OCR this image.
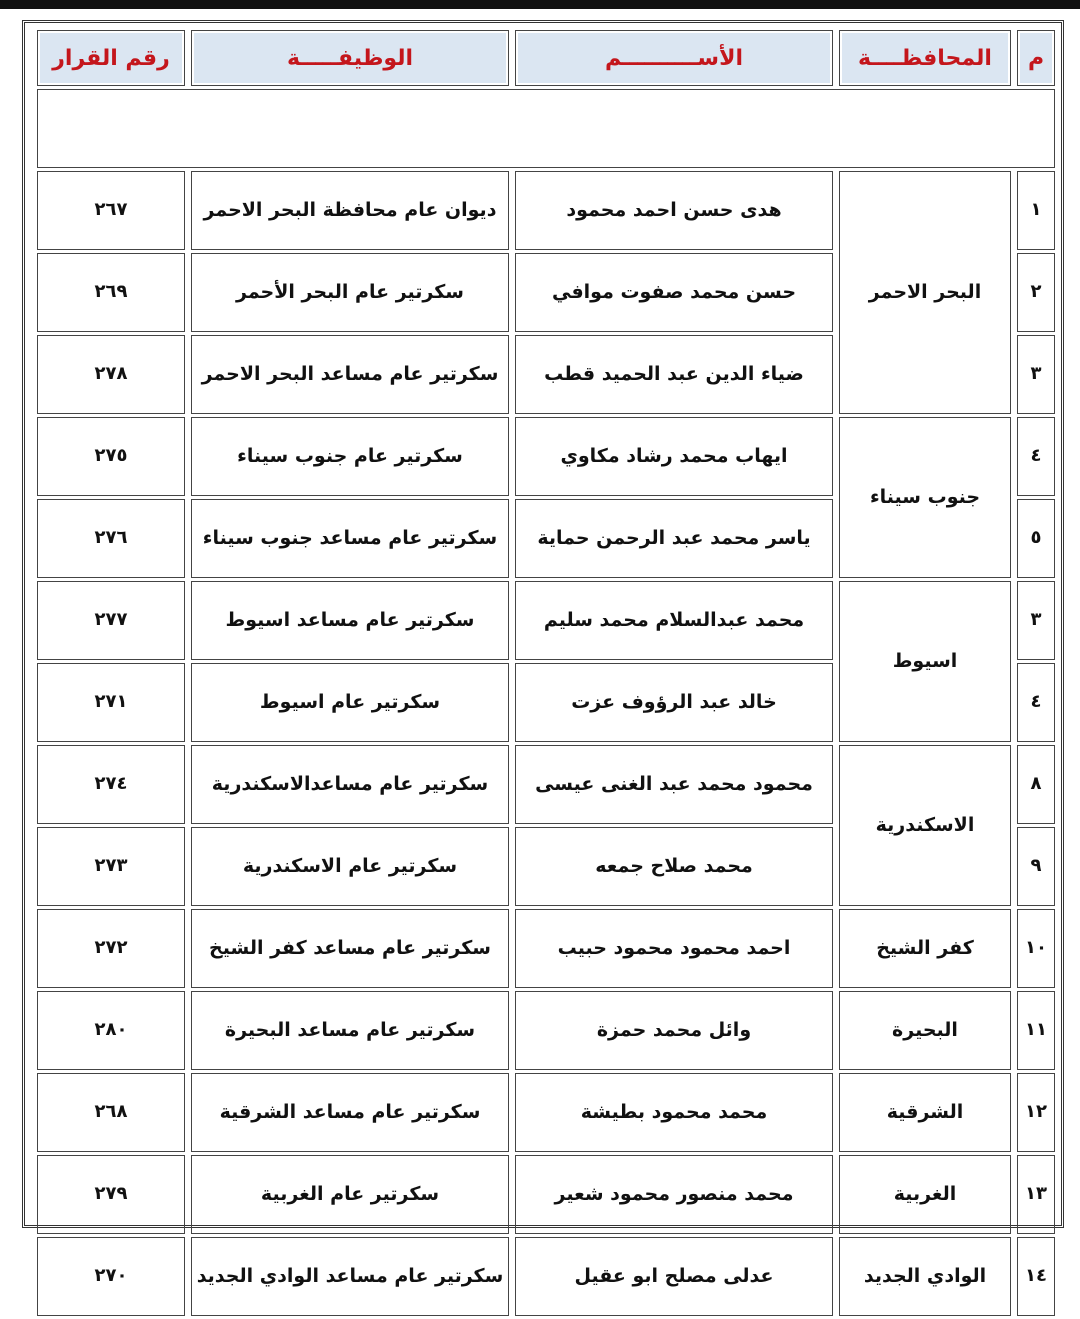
م	المحافظــــة	الأســــــــــم	الوظيفـــــة	رقم القرار

١	البحر الاحمر	هدى حسن احمد محمود	ديوان عام محافظة البحر الاحمر	٢٦٧
٢		حسن محمد صفوت موافي	سكرتير عام البحر الأحمر	٢٦٩
٣		ضياء الدين عبد الحميد قطب	سكرتير عام مساعد البحر الاحمر	٢٧٨
٤	جنوب سيناء	ايهاب محمد رشاد مكاوي	سكرتير عام جنوب سيناء	٢٧٥
٥		ياسر محمد عبد الرحمن حماية	سكرتير عام مساعد جنوب سيناء	٢٧٦
٣	اسيوط	محمد عبدالسلام محمد سليم	سكرتير عام مساعد اسيوط	٢٧٧
٤		خالد عبد الرؤوف عزت	سكرتير عام اسيوط	٢٧١
٨	الاسكندرية	محمود محمد عبد الغنى عيسى	سكرتير عام مساعدالاسكندرية	٢٧٤
٩		محمد صلاح جمعه	سكرتير عام الاسكندرية	٢٧٣
١٠	كفر الشيخ	احمد محمود محمود حبيب	سكرتير عام مساعد كفر الشيخ	٢٧٢
١١	البحيرة	وائل محمد حمزة	سكرتير عام مساعد البحيرة	٢٨٠
١٢	الشرقية	محمد محمود بطيشة	سكرتير عام مساعد الشرقية	٢٦٨
١٣	الغربية	محمد منصور محمود شعير	سكرتير عام الغربية	٢٧٩
١٤	الوادي الجديد	عدلى مصلح ابو عقيل	سكرتير عام مساعد الوادي الجديد	٢٧٠
